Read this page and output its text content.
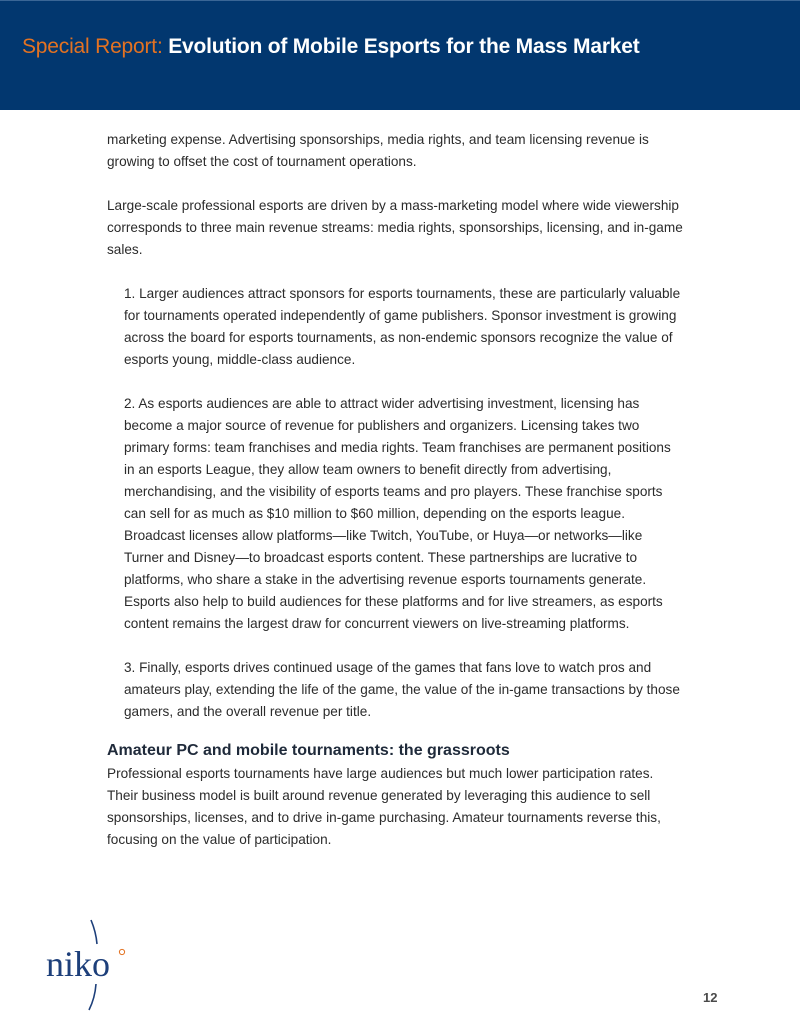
Special Report: Evolution of Mobile Esports for the Mass Market

marketing expense. Advertising sponsorships, media rights, and team licensing revenue is
growing to offset the cost of tournament operations.

Large-scale professional esports are driven by a mass-marketing model where wide viewership
corresponds to three main revenue streams: media rights, sponsorships, licensing, and in-game
sales.

1. Larger audiences attract sponsors for esports tournaments, these are particularly valuable
for tournaments operated independently of game publishers. Sponsor investment is growing
across the board for esports tournaments, as non-endemic sponsors recognize the value of
esports young, middle-class audience.

2. As esports audiences are able to attract wider advertising investment, licensing has
become a major source of revenue for publishers and organizers. Licensing takes two
primary forms: team franchises and media rights. Team franchises are permanent positions
in an esports League, they allow team owners to benefit directly from advertising,
merchandising, and the visibility of esports teams and pro players. These franchise sports
can sell for as much as $10 million to $60 million, depending on the esports league.
Broadcast licenses allow platforms—like Twitch, YouTube, or Huya—or networks—like
Turner and Disney—to broadcast esports content. These partnerships are lucrative to
platforms, who share a stake in the advertising revenue esports tournaments generate.
Esports also help to build audiences for these platforms and for live streamers, as esports
content remains the largest draw for concurrent viewers on live-streaming platforms.

3. Finally, esports drives continued usage of the games that fans love to watch pros and
amateurs play, extending the life of the game, the value of the in-game transactions by those
gamers, and the overall revenue per title.

Amateur PC and mobile tournaments: the grassroots

Professional esports tournaments have large audiences but much lower participation rates.
Their business model is built around revenue generated by leveraging this audience to sell
sponsorships, licenses, and to drive in-game purchasing. Amateur tournaments reverse this,
focusing on the value of participation.

niko
12
